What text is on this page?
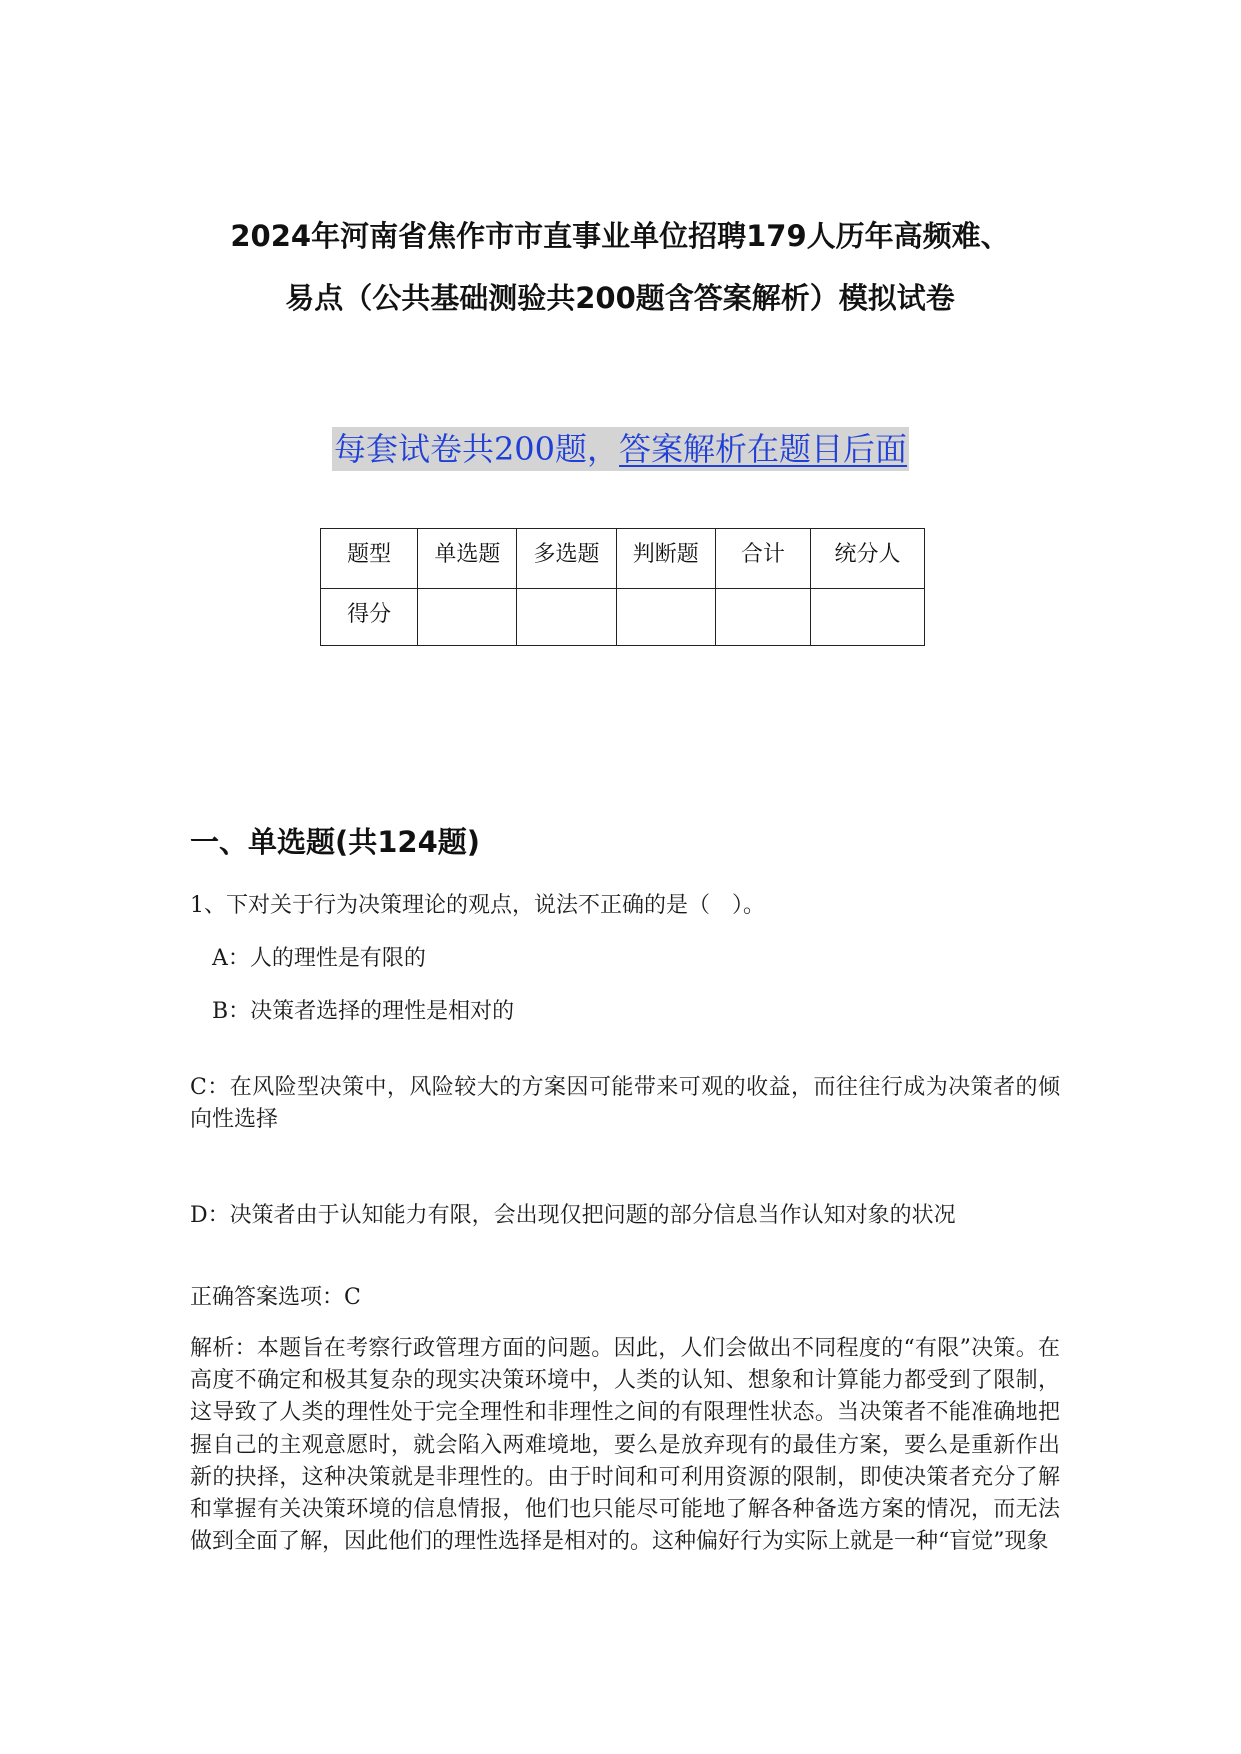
2024年河南省焦作市市直事业单位招聘179人历年高频难、
易点（公共基础测验共200题含答案解析）模拟试卷
每套试卷共200题，答案解析在题目后面
题型	单选题	多选题	判断题	合计	统分人
得分					
一、单选题(共124题)
1、下对关于行为决策理论的观点，说法不正确的是（　）。
A：人的理性是有限的
B：决策者选择的理性是相对的
C：在风险型决策中，风险较大的方案因可能带来可观的收益，而往往行成为决策者的倾向性选择
D：决策者由于认知能力有限，会出现仅把问题的部分信息当作认知对象的状况
正确答案选项：C
解析：本题旨在考察行政管理方面的问题。因此，人们会做出不同程度的“有限”决策。在高度不确定和极其复杂的现实决策环境中，人类的认知、想象和计算能力都受到了限制，这导致了人类的理性处于完全理性和非理性之间的有限理性状态。当决策者不能准确地把握自己的主观意愿时，就会陷入两难境地，要么是放弃现有的最佳方案，要么是重新作出新的抉择，这种决策就是非理性的。由于时间和可利用资源的限制，即使决策者充分了解和掌握有关决策环境的信息情报，他们也只能尽可能地了解各种备选方案的情况，而无法做到全面了解，因此他们的理性选择是相对的。这种偏好行为实际上就是一种“盲觉”现象
